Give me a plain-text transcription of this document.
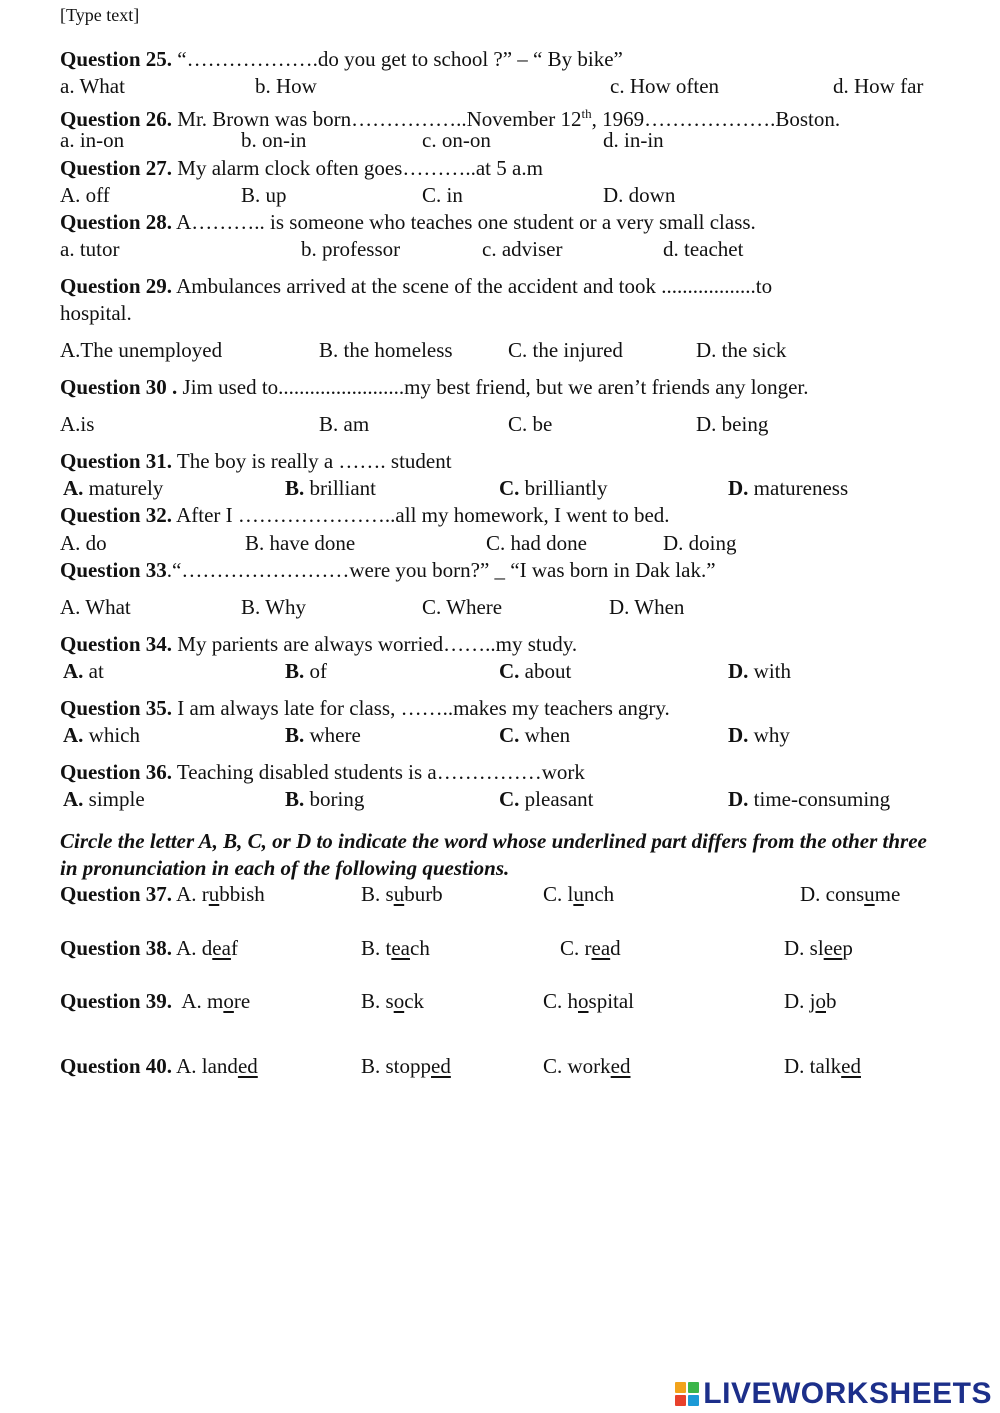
[Type text]
Question 25. “……………….do you get to school ?” – “ By bike”
a. What	b. How	c. How often	d. How far
Question 26. Mr. Brown was born……………..November 12th, 1969……………….Boston.
a. in-on	b. on-in	c. on-on	d. in-in
Question 27. My alarm clock often goes………..at 5 a.m
A. off	B. up	C. in	D. down
Question 28. A……….. is someone who teaches one student or a very small class.
a. tutor	b. professor	c. adviser	d. teachet
Question 29. Ambulances arrived at the scene of the accident and took ..................to
hospital.
A.The unemployed	B. the homeless	C. the injured	D. the sick
Question 30 . Jim used to........................my best friend, but we aren’t friends any longer.
A.is	B. am	C. be	D. being
Question 31. The boy is really a ……. student
A. maturely	B. brilliant	C. brilliantly	D. matureness
Question 32. After I …………………..all my homework, I went to bed.
A. do	B. have done	C. had done	D. doing
Question 33.“……………………were you born?” _ “I was born in Dak lak.”
A. What	B. Why	C. Where	D. When
Question 34. My parients are always worried……..my study.
A. at	B. of	C. about	D. with
Question 35. I am always late for class, ……..makes my teachers angry.
A. which	B. where	C. when	D. why
Question 36. Teaching disabled students is a……………work
A. simple	B. boring	C. pleasant	D. time-consuming
Circle the letter A, B, C, or D to indicate the word whose underlined part differs from the other three in pronunciation in each of the following questions.
Question 37. A. rubbish	B. suburb	C. lunch	D. consume
Question 38. A. deaf	B. teach	C. read	D. sleep
Question 39.  A. more	B. sock	C. hospital	D. job
Question 40. A. landed	B. stopped	C. worked	D. talked
LIVEWORKSHEETS
